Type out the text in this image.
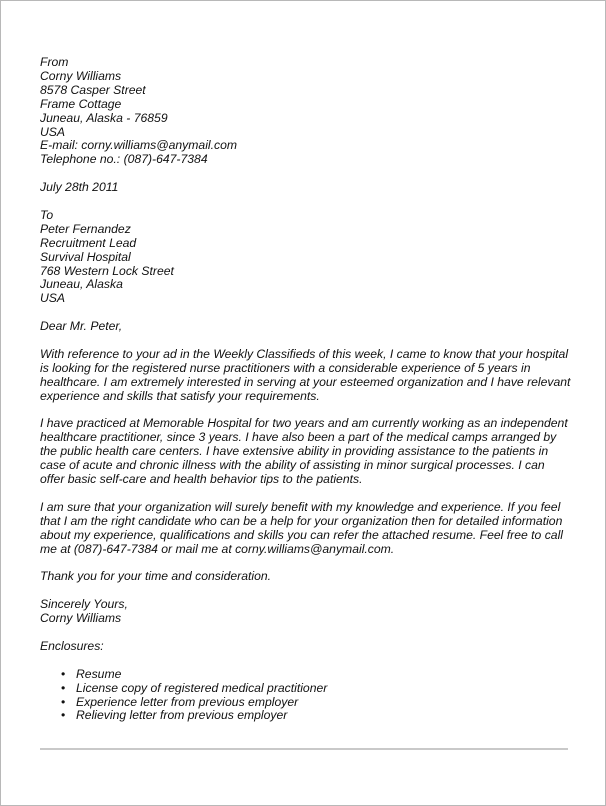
From
Corny Williams
8578 Casper Street
Frame Cottage
Juneau, Alaska - 76859
USA
E-mail: corny.williams@anymail.com
Telephone no.: (087)-647-7384
July 28th 2011
To
Peter Fernandez
Recruitment Lead
Survival Hospital
768 Western Lock Street
Juneau, Alaska
USA
Dear Mr. Peter,
With reference to your ad in the Weekly Classifieds of this week, I came to know that your hospital
is looking for the registered nurse practitioners with a considerable experience of 5 years in
healthcare. I am extremely interested in serving at your esteemed organization and I have relevant
experience and skills that satisfy your requirements.
I have practiced at Memorable Hospital for two years and am currently working as an independent
healthcare practitioner, since 3 years. I have also been a part of the medical camps arranged by
the public health care centers. I have extensive ability in providing assistance to the patients in
case of acute and chronic illness with the ability of assisting in minor surgical processes. I can
offer basic self-care and health behavior tips to the patients.
I am sure that your organization will surely benefit with my knowledge and experience. If you feel
that I am the right candidate who can be a help for your organization then for detailed information
about my experience, qualifications and skills you can refer the attached resume. Feel free to call
me at (087)-647-7384 or mail me at corny.williams@anymail.com.
Thank you for your time and consideration.
Sincerely Yours,
Corny Williams
Enclosures:
• Resume
• License copy of registered medical practitioner
• Experience letter from previous employer
• Relieving letter from previous employer
